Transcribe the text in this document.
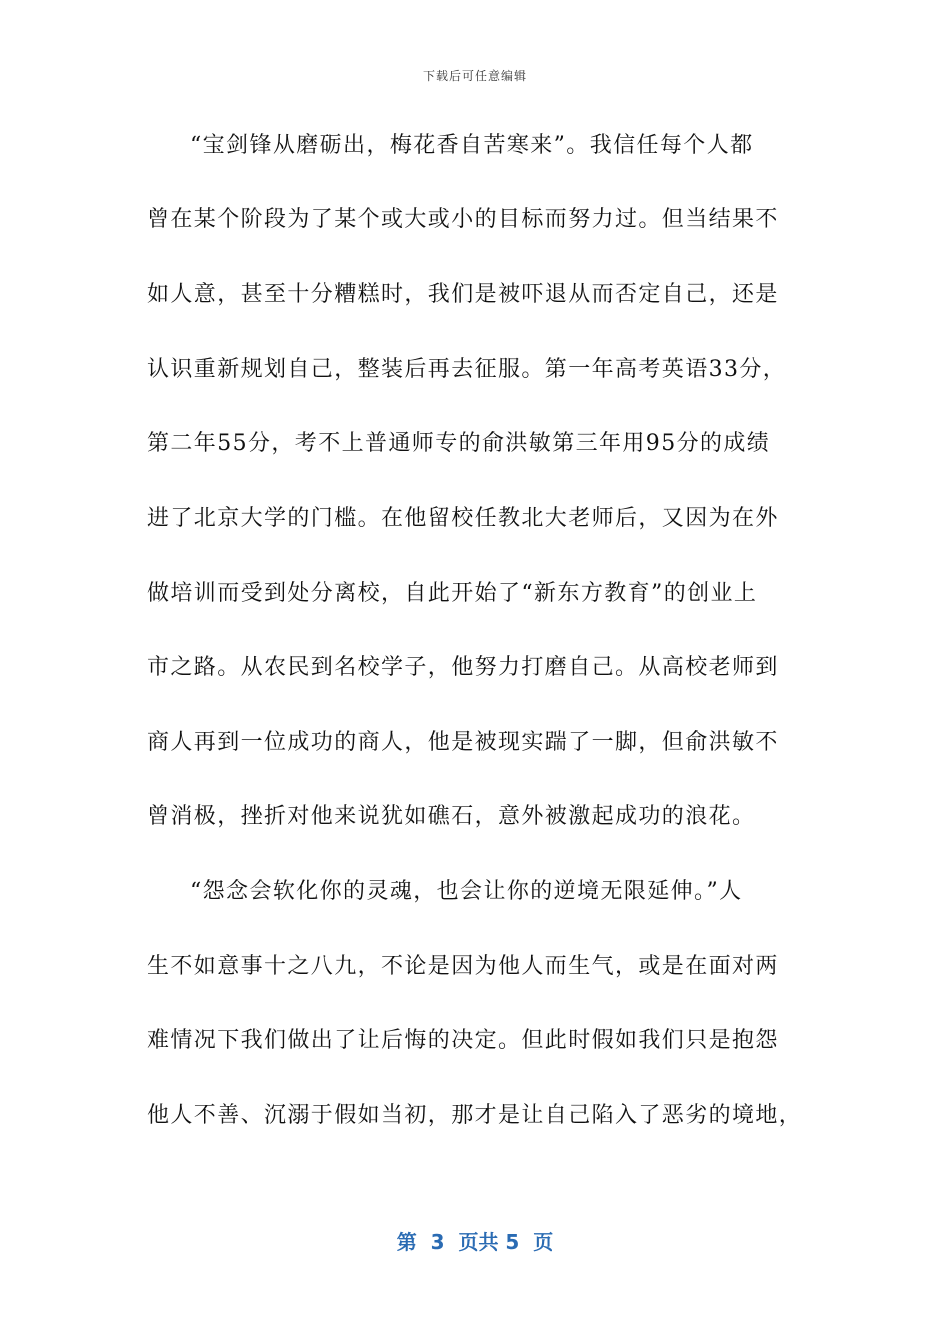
下载后可任意编辑
“宝剑锋从磨砺出，梅花香自苦寒来”。我信任每个人都
曾在某个阶段为了某个或大或小的目标而努力过。但当结果不
如人意，甚至十分糟糕时，我们是被吓退从而否定自己，还是
认识重新规划自己，整装后再去征服。第一年高考英语33分，
第二年55分，考不上普通师专的俞洪敏第三年用95分的成绩
进了北京大学的门槛。在他留校任教北大老师后，又因为在外
做培训而受到处分离校，自此开始了“新东方教育”的创业上
市之路。从农民到名校学子，他努力打磨自己。从高校老师到
商人再到一位成功的商人，他是被现实踹了一脚，但俞洪敏不
曾消极，挫折对他来说犹如礁石，意外被激起成功的浪花。
“怨念会软化你的灵魂，也会让你的逆境无限延伸。”人
生不如意事十之八九，不论是因为他人而生气，或是在面对两
难情况下我们做出了让后悔的决定。但此时假如我们只是抱怨
他人不善、沉溺于假如当初，那才是让自己陷入了恶劣的境地，
第  3  页共 5  页
